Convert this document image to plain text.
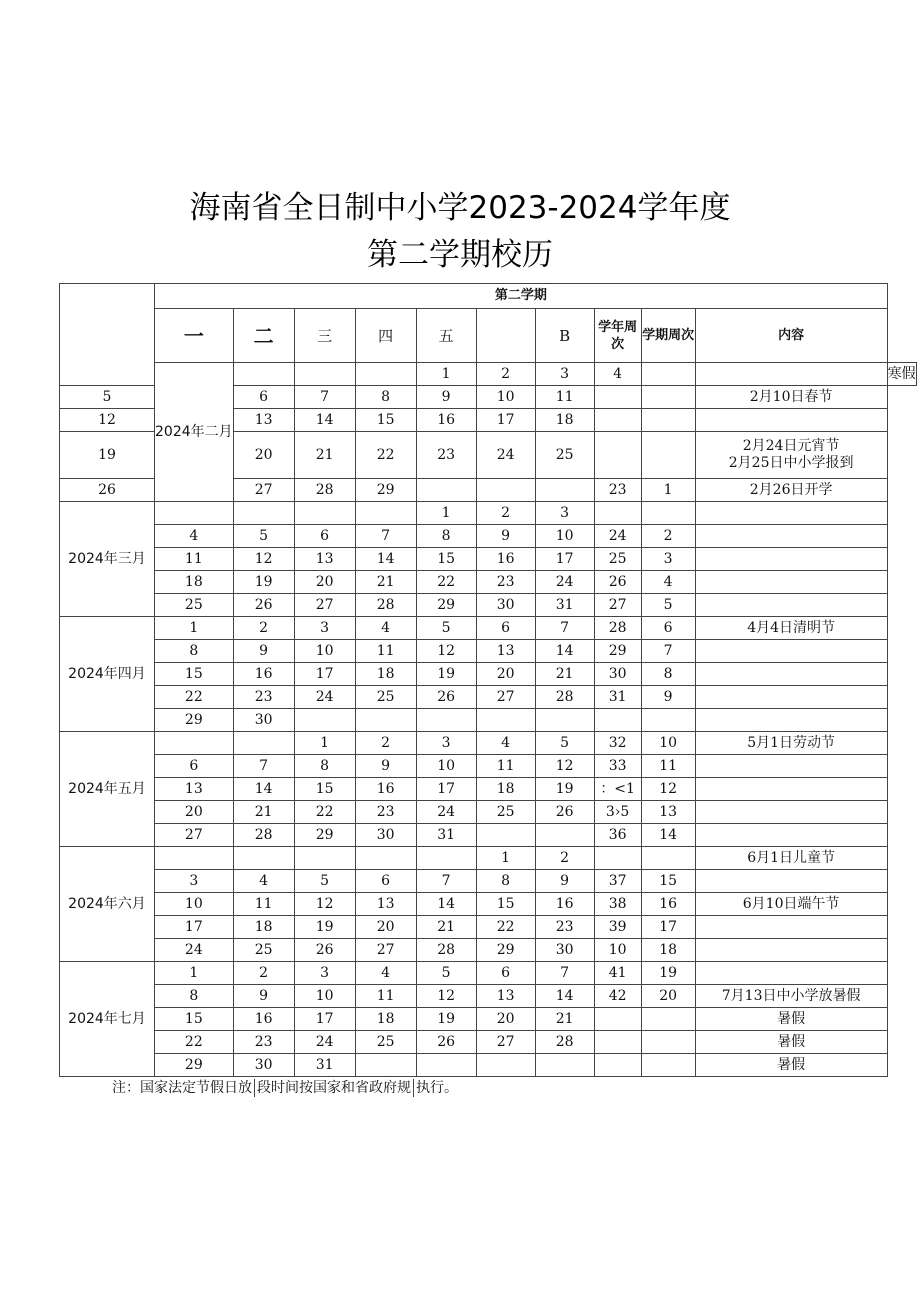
海南省全日制中小学2023-2024学年度
第二学期校历
	第二学期										
	一	二	三	四	五		B	学年周次	学期周次	内容	
	2024年二月				1	2	3	4			寒假
5		6	7	8	9	10	11			2月10日春节	
12		13	14	15	16	17	18				
19		20	21	22	23	24	25			2月24日元宵节
2月25日中小学报到	

26		27	28	29				23	1	2月26日开学	
2024年三月					1	2	3				
	4	5	6	7	8	9	10	24	2		
	11	12	13	14	15	16	17	25	3		
	18	19	20	21	22	23	24	26	4		
	25	26	27	28	29	30	31	27	5		
2024年四月	1	2	3	4	5	6	7	28	6	4月4日清明节	
	8	9	10	11	12	13	14	29	7		
	15	16	17	18	19	20	21	30	8		
	22	23	24	25	26	27	28	31	9		
	29	30									
2024年五月			1	2	3	4	5	32	10	5月1日劳动节	
	6	7	8	9	10	11	12	33	11		
	13	14	15	16	17	18	19	：<1	12		
	20	21	22	23	24	25	26	3›5	13		
	27	28	29	30	31			36	14		
2024年六月						1	2			6月1日儿童节	
	3	4	5	6	7	8	9	37	15		
	10	11	12	13	14	15	16	38	16	6月10日端午节	
	17	18	19	20	21	22	23	39	17		
	24	25	26	27	28	29	30	10	18		
2024年七月	1	2	3	4	5	6	7	41	19		
	8	9	10	11	12	13	14	42	20	7月13日中小学放暑假	
	15	16	17	18	19	20	21			暑假	
	22	23	24	25	26	27	28			暑假	
	29	30	31							暑假	
注：国家法定节假日放 段时间按国家和省政府规 执行。
